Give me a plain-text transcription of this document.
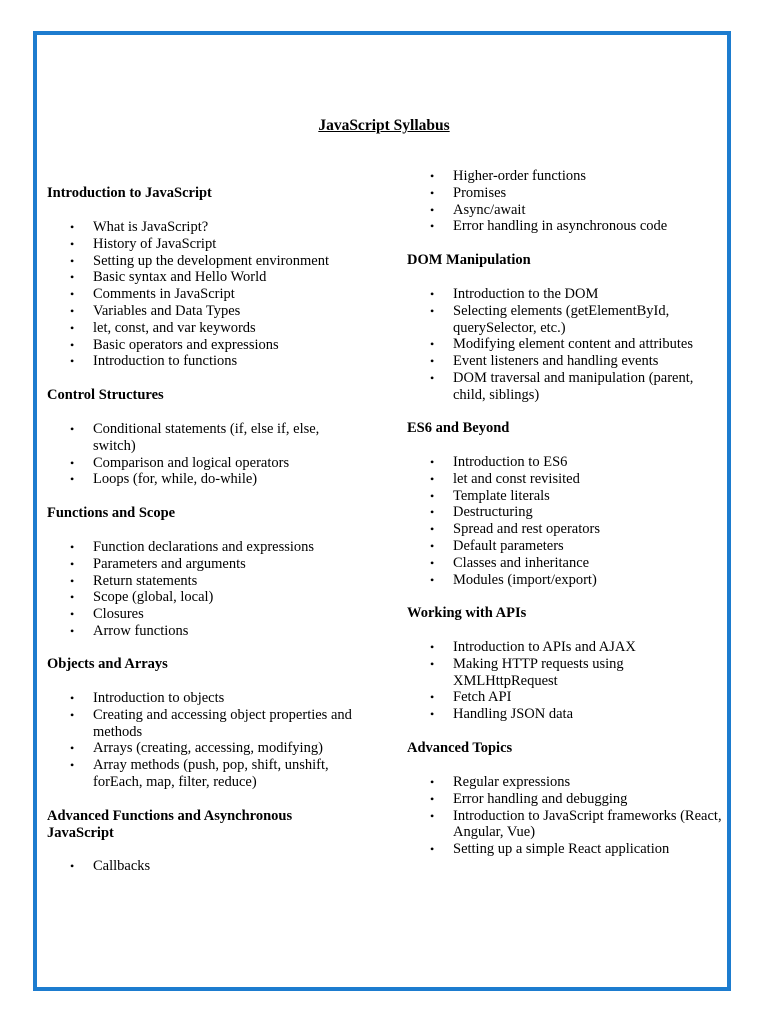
JavaScript Syllabus
Introduction to JavaScript
• What is JavaScript?
• History of JavaScript
• Setting up the development environment
• Basic syntax and Hello World
• Comments in JavaScript
• Variables and Data Types
• let, const, and var keywords
• Basic operators and expressions
• Introduction to functions
Control Structures
• Conditional statements (if, else if, else, switch)
• Comparison and logical operators
• Loops (for, while, do-while)
Functions and Scope
• Function declarations and expressions
• Parameters and arguments
• Return statements
• Scope (global, local)
• Closures
• Arrow functions
Objects and Arrays
• Introduction to objects
• Creating and accessing object properties and methods
• Arrays (creating, accessing, modifying)
• Array methods (push, pop, shift, unshift, forEach, map, filter, reduce)
Advanced Functions and Asynchronous JavaScript
• Callbacks
• Higher-order functions
• Promises
• Async/await
• Error handling in asynchronous code
DOM Manipulation
• Introduction to the DOM
• Selecting elements (getElementById, querySelector, etc.)
• Modifying element content and attributes
• Event listeners and handling events
• DOM traversal and manipulation (parent, child, siblings)
ES6 and Beyond
• Introduction to ES6
• let and const revisited
• Template literals
• Destructuring
• Spread and rest operators
• Default parameters
• Classes and inheritance
• Modules (import/export)
Working with APIs
• Introduction to APIs and AJAX
• Making HTTP requests using XMLHttpRequest
• Fetch API
• Handling JSON data
Advanced Topics
• Regular expressions
• Error handling and debugging
• Introduction to JavaScript frameworks (React, Angular, Vue)
• Setting up a simple React application
